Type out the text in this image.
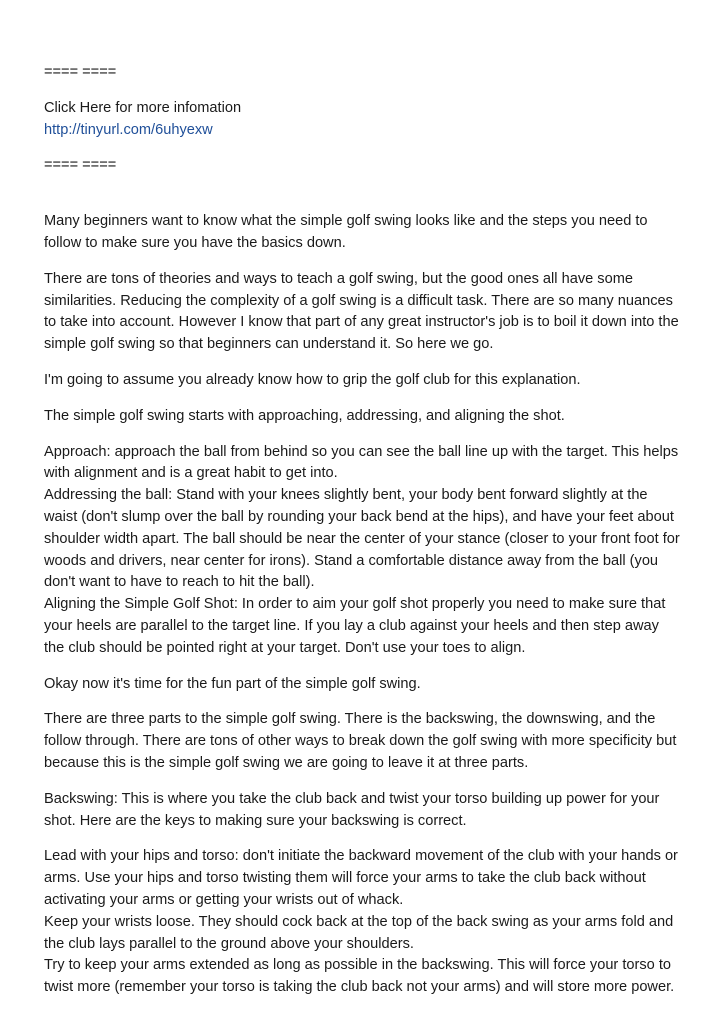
==== ====
Click Here for more infomation
http://tinyurl.com/6uhyexw
==== ====
Many beginners want to know what the simple golf swing looks like and the steps you need to
follow to make sure you have the basics down.
There are tons of theories and ways to teach a golf swing, but the good ones all have some
similarities. Reducing the complexity of a golf swing is a difficult task. There are so many nuances
to take into account. However I know that part of any great instructor's job is to boil it down into the
simple golf swing so that beginners can understand it. So here we go.
I'm going to assume you already know how to grip the golf club for this explanation.
The simple golf swing starts with approaching, addressing, and aligning the shot.
Approach: approach the ball from behind so you can see the ball line up with the target. This helps
with alignment and is a great habit to get into.
Addressing the ball: Stand with your knees slightly bent, your body bent forward slightly at the
waist (don't slump over the ball by rounding your back bend at the hips), and have your feet about
shoulder width apart. The ball should be near the center of your stance (closer to your front foot for
woods and drivers, near center for irons). Stand a comfortable distance away from the ball (you
don't want to have to reach to hit the ball).
Aligning the Simple Golf Shot: In order to aim your golf shot properly you need to make sure that
your heels are parallel to the target line. If you lay a club against your heels and then step away
the club should be pointed right at your target. Don't use your toes to align.
Okay now it's time for the fun part of the simple golf swing.
There are three parts to the simple golf swing. There is the backswing, the downswing, and the
follow through. There are tons of other ways to break down the golf swing with more specificity but
because this is the simple golf swing we are going to leave it at three parts.
Backswing: This is where you take the club back and twist your torso building up power for your
shot. Here are the keys to making sure your backswing is correct.
Lead with your hips and torso: don't initiate the backward movement of the club with your hands or
arms. Use your hips and torso twisting them will force your arms to take the club back without
activating your arms or getting your wrists out of whack.
Keep your wrists loose. They should cock back at the top of the back swing as your arms fold and
the club lays parallel to the ground above your shoulders.
Try to keep your arms extended as long as possible in the backswing. This will force your torso to
twist more (remember your torso is taking the club back not your arms) and will store more power.
